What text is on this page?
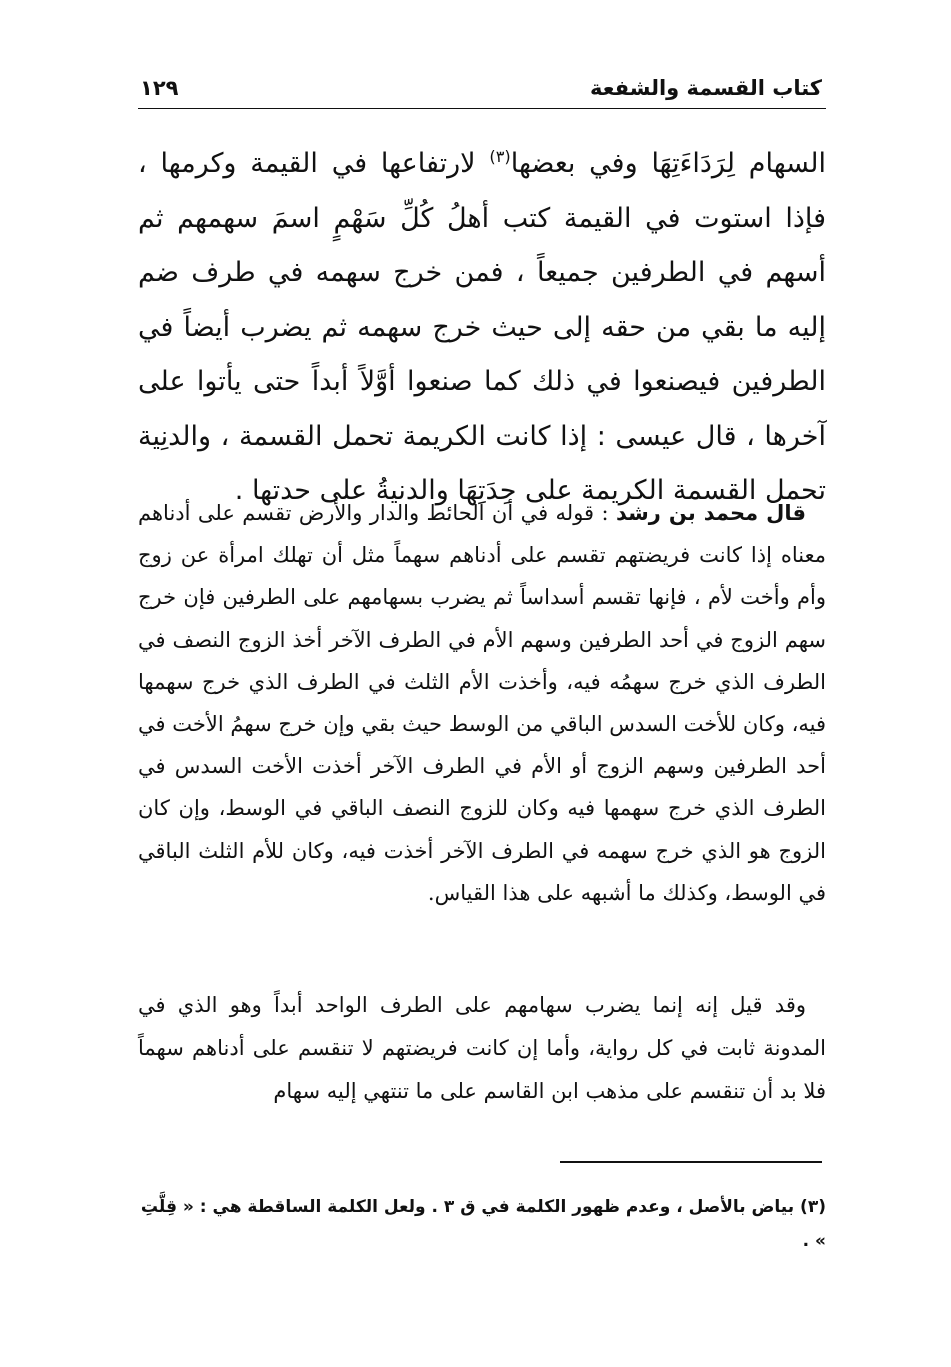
كتاب القسمة والشفعة
١٢٩
السهام لِرَدَاءَتِهَا وفي بعضها$^{(٣)}$ لارتفاعها في القيمة وكرمها ، فإذا استوت في القيمة كتب أهلُ كُلِّ سَهْمٍ اسمَ سهمهم ثم أسهم في الطرفين جميعاً ، فمن خرج سهمه في طرف ضم إليه ما بقي من حقه إلى حيث خرج سهمه ثم يضرب أيضاً في الطرفين فيصنعوا في ذلك كما صنعوا أوَّلاً أبداً حتى يأتوا على آخرها ، قال عيسى : إذا كانت الكريمة تحمل القسمة ، والدنِية تحمل القسمة الكريمة على حِدَتِهَا والدنيةُ على حدتها .
قال محمد بن رشد : قوله في أن الحائط والدار والأرض تقسم على أدناهم معناه إذا كانت فريضتهم تقسم على أدناهم سهماً مثل أن تهلك امرأة عن زوج وأم وأخت لأم ، فإنها تقسم أسداساً ثم يضرب بسهامهم على الطرفين فإن خرج سهم الزوج في أحد الطرفين وسهم الأم في الطرف الآخر أخذ الزوج النصف في الطرف الذي خرج سهمُه فيه، وأخذت الأم الثلث في الطرف الذي خرج سهمها فيه، وكان للأخت السدس الباقي من الوسط حيث بقي وإن خرج سهمُ الأخت في أحد الطرفين وسهم الزوج أو الأم في الطرف الآخر أخذت الأخت السدس في الطرف الذي خرج سهمها فيه وكان للزوج النصف الباقي في الوسط، وإن كان الزوج هو الذي خرج سهمه في الطرف الآخر أخذت فيه، وكان للأم الثلث الباقي في الوسط، وكذلك ما أشبهه على هذا القياس.
وقد قيل إنه إنما يضرب سهامهم على الطرف الواحد أبداً وهو الذي في المدونة ثابت في كل رواية، وأما إن كانت فريضتهم لا تنقسم على أدناهم سهماً فلا بد أن تنقسم على مذهب ابن القاسم على ما تنتهي إليه سهام
(٣) بياض بالأصل ، وعدم ظهور الكلمة في ق ٣ . ولعل الكلمة الساقطة هي : « قِلَّتِ » .
